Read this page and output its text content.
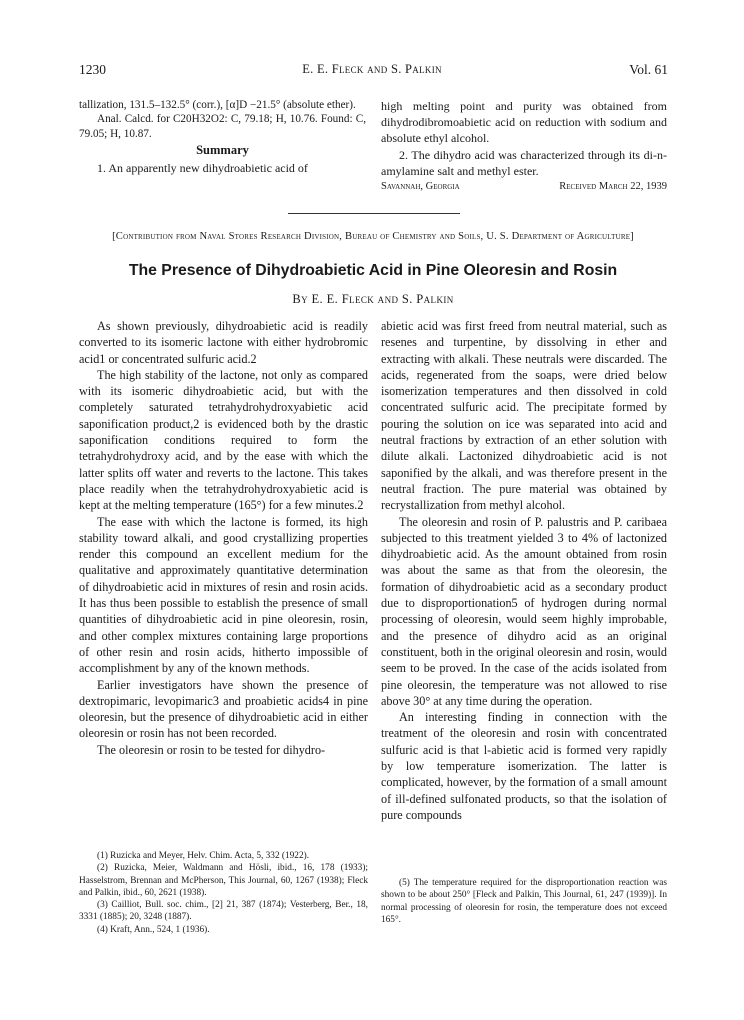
1230	E. E. Fleck and S. Palkin	Vol. 61

tallization, 131.5–132.5° (corr.), [α]D −21.5° (absolute ether).

Anal. Calcd. for C20H32O2: C, 79.18; H, 10.76. Found: C, 79.05; H, 10.87.

Summary

1. An apparently new dihydroabietic acid of

high melting point and purity was obtained from dihydrodibromoabietic acid on reduction with sodium and absolute ethyl alcohol.

2. The dihydro acid was characterized through its di-n-amylamine salt and methyl ester.

Savannah, Georgia	Received March 22, 1939
[Contribution from Naval Stores Research Division, Bureau of Chemistry and Soils, U. S. Department of Agriculture]
The Presence of Dihydroabietic Acid in Pine Oleoresin and Rosin
By E. E. Fleck and S. Palkin

As shown previously, dihydroabietic acid is readily converted to its isomeric lactone with either hydrobromic acid1 or concentrated sulfuric acid.2

The high stability of the lactone, not only as compared with its isomeric dihydroabietic acid, but with the completely saturated tetrahydrohydroxyabietic acid saponification product,2 is evidenced both by the drastic saponification conditions required to form the tetrahydrohydroxy acid, and by the ease with which the latter splits off water and reverts to the lactone. This takes place readily when the tetrahydrohydroxyabietic acid is kept at the melting temperature (165°) for a few minutes.2

The ease with which the lactone is formed, its high stability toward alkali, and good crystallizing properties render this compound an excellent medium for the qualitative and approximately quantitative determination of dihydroabietic acid in mixtures of resin and rosin acids. It has thus been possible to establish the presence of small quantities of dihydroabietic acid in pine oleoresin, rosin, and other complex mixtures containing large proportions of other resin and rosin acids, hitherto impossible of accomplishment by any of the known methods.

Earlier investigators have shown the presence of dextropimaric, levopimaric3 and proabietic acids4 in pine oleoresin, but the presence of dihydroabietic acid in either oleoresin or rosin has not been recorded.

The oleoresin or rosin to be tested for dihydro-

abietic acid was first freed from neutral material, such as resenes and turpentine, by dissolving in ether and extracting with alkali. These neutrals were discarded. The acids, regenerated from the soaps, were dried below isomerization temperatures and then dissolved in cold concentrated sulfuric acid. The precipitate formed by pouring the solution on ice was separated into acid and neutral fractions by extraction of an ether solution with dilute alkali. Lactonized dihydroabietic acid is not saponified by the alkali, and was therefore present in the neutral fraction. The pure material was obtained by recrystallization from methyl alcohol.

The oleoresin and rosin of P. palustris and P. caribaea subjected to this treatment yielded 3 to 4% of lactonized dihydroabietic acid. As the amount obtained from rosin was about the same as that from the oleoresin, the formation of dihydroabietic acid as a secondary product due to disproportionation5 of hydrogen during normal processing of oleoresin, would seem highly improbable, and the presence of dihydro acid as an original constituent, both in the original oleoresin and rosin, would seem to be proved. In the case of the acids isolated from pine oleoresin, the temperature was not allowed to rise above 30° at any time during the operation.

An interesting finding in connection with the treatment of the oleoresin and rosin with concentrated sulfuric acid is that l-abietic acid is formed very rapidly by low temperature isomerization. The latter is complicated, however, by the formation of a small amount of ill-defined sulfonated products, so that the isolation of pure compounds

(1) Ruzicka and Meyer, Helv. Chim. Acta, 5, 332 (1922).

(2) Ruzicka, Meier, Waldmann and Hösli, ibid., 16, 178 (1933); Hasselstrom, Brennan and McPherson, This Journal, 60, 1267 (1938); Fleck and Palkin, ibid., 60, 2621 (1938).

(3) Cailliot, Bull. soc. chim., [2] 21, 387 (1874); Vesterberg, Ber., 18, 3331 (1885); 20, 3248 (1887).

(4) Kraft, Ann., 524, 1 (1936).

(5) The temperature required for the disproportionation reaction was shown to be about 250° [Fleck and Palkin, This Journal, 61, 247 (1939)]. In normal processing of oleoresin for rosin, the temperature does not exceed 165°.
